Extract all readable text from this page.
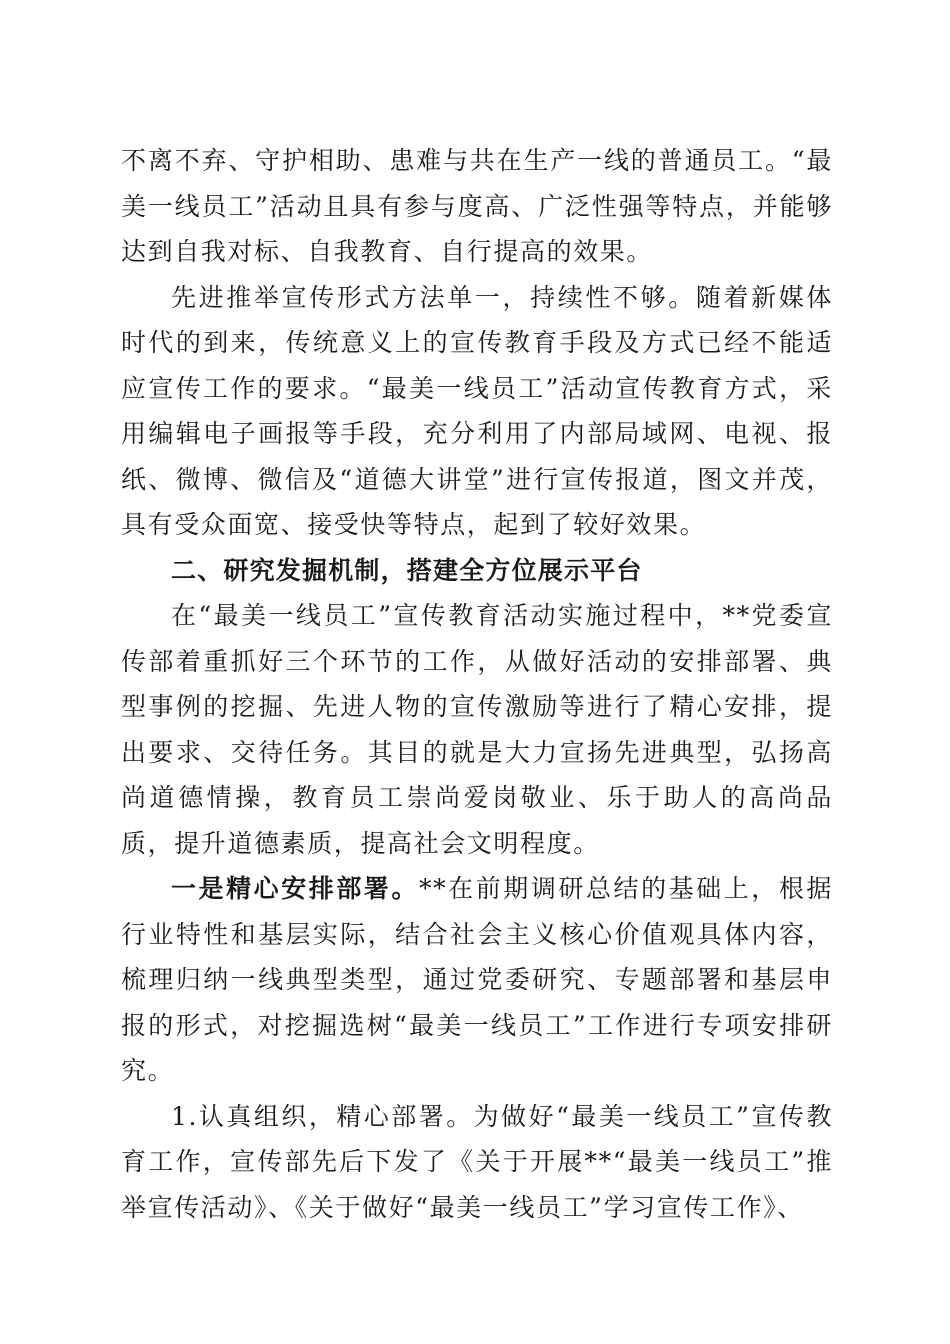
不离不弃、守护相助、患难与共在生产一线的普通员工。“最美一线员工”活动且具有参与度高、广泛性强等特点，并能够达到自我对标、自我教育、自行提高的效果。

先进推举宣传形式方法单一，持续性不够。随着新媒体时代的到来，传统意义上的宣传教育手段及方式已经不能适应宣传工作的要求。“最美一线员工”活动宣传教育方式，采用编辑电子画报等手段，充分利用了内部局域网、电视、报纸、微博、微信及“道德大讲堂”进行宣传报道，图文并茂，具有受众面宽、接受快等特点，起到了较好效果。

二、研究发掘机制，搭建全方位展示平台

在“最美一线员工”宣传教育活动实施过程中，**党委宣传部着重抓好三个环节的工作，从做好活动的安排部署、典型事例的挖掘、先进人物的宣传激励等进行了精心安排，提出要求、交待任务。其目的就是大力宣扬先进典型，弘扬高尚道德情操，教育员工崇尚爱岗敬业、乐于助人的高尚品质，提升道德素质，提高社会文明程度。

一是精心安排部署。**在前期调研总结的基础上，根据行业特性和基层实际，结合社会主义核心价值观具体内容，梳理归纳一线典型类型，通过党委研究、专题部署和基层申报的形式，对挖掘选树“最美一线员工”工作进行专项安排研究。

1.认真组织，精心部署。为做好“最美一线员工”宣传教育工作，宣传部先后下发了《关于开展**“最美一线员工”推举宣传活动》、《关于做好“最美一线员工”学习宣传工作》、
